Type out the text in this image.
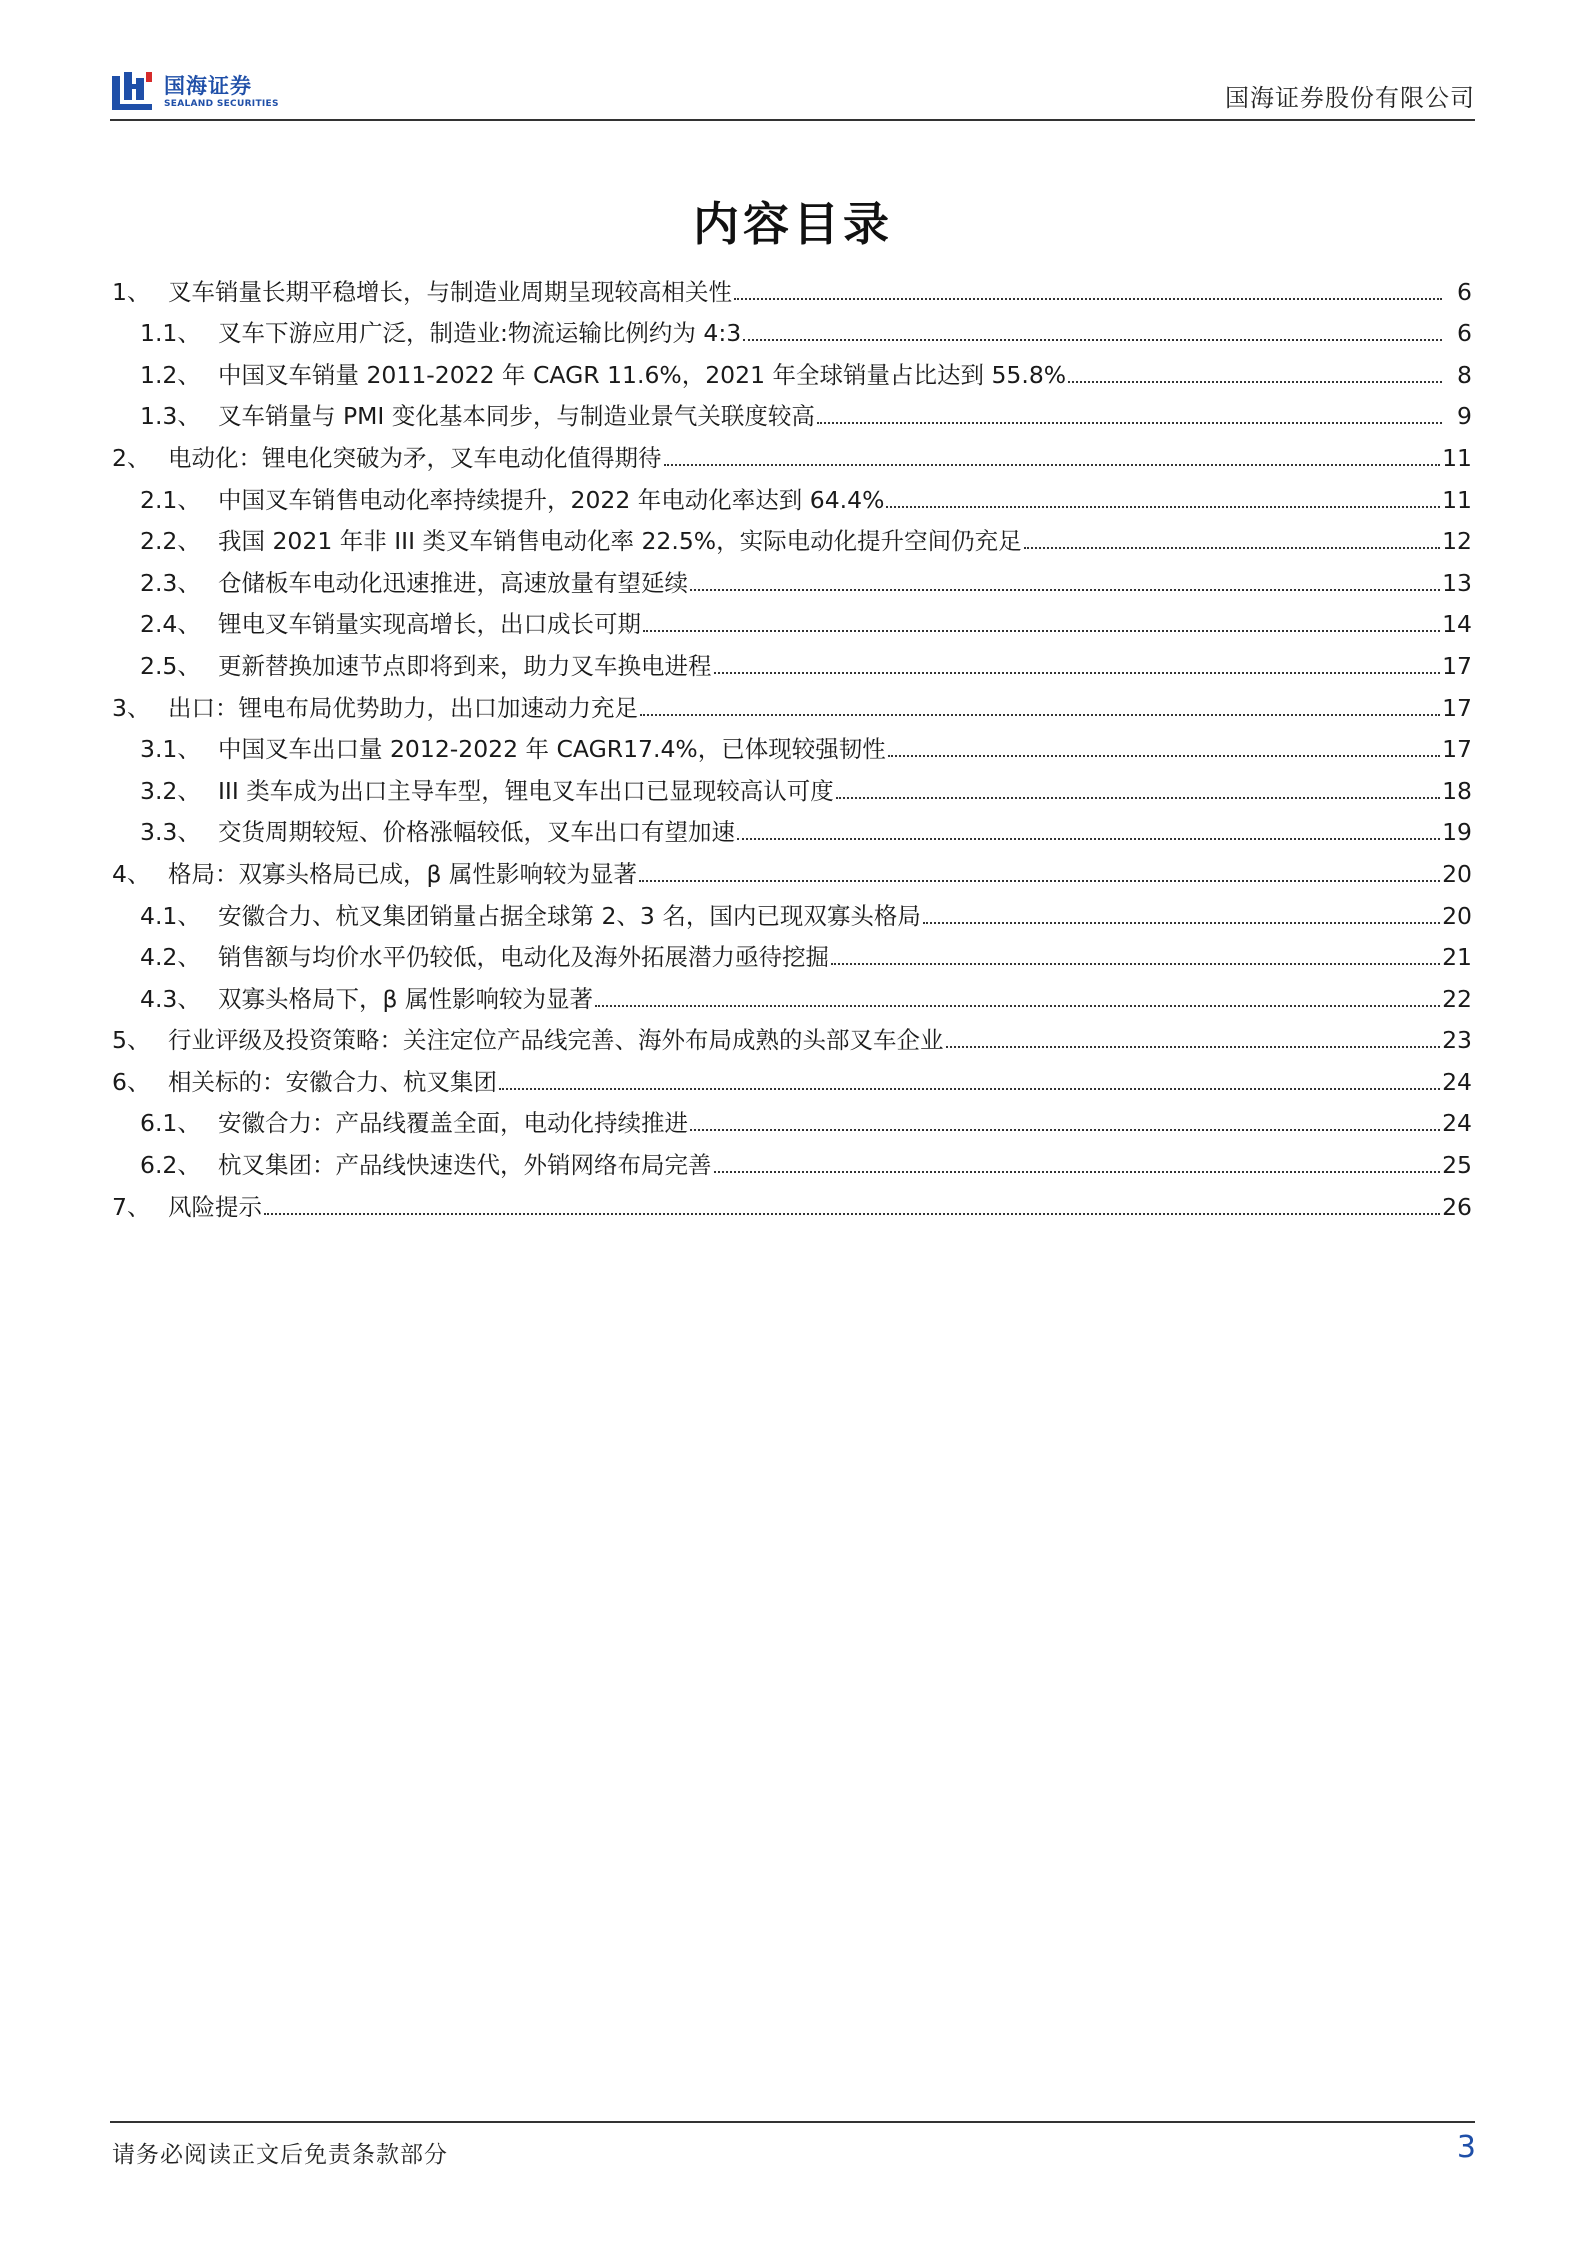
国海证券
SEALAND SECURITIES	国海证券股份有限公司
内容目录
1、 叉车销量长期平稳增长，与制造业周期呈现较高相关性	6
1.1、 叉车下游应用广泛，制造业:物流运输比例约为 4:3	6
1.2、 中国叉车销量 2011-2022 年 CAGR 11.6%，2021 年全球销量占比达到 55.8%	8
1.3、 叉车销量与 PMI 变化基本同步，与制造业景气关联度较高	9
2、 电动化：锂电化突破为矛，叉车电动化值得期待	11
2.1、 中国叉车销售电动化率持续提升，2022 年电动化率达到 64.4%	11
2.2、 我国 2021 年非 III 类叉车销售电动化率 22.5%，实际电动化提升空间仍充足	12
2.3、 仓储板车电动化迅速推进，高速放量有望延续	13
2.4、 锂电叉车销量实现高增长，出口成长可期	14
2.5、 更新替换加速节点即将到来，助力叉车换电进程	17
3、 出口：锂电布局优势助力，出口加速动力充足	17
3.1、 中国叉车出口量 2012-2022 年 CAGR17.4%，已体现较强韧性	17
3.2、 III 类车成为出口主导车型，锂电叉车出口已显现较高认可度	18
3.3、 交货周期较短、价格涨幅较低，叉车出口有望加速	19
4、 格局：双寡头格局已成，β 属性影响较为显著	20
4.1、 安徽合力、杭叉集团销量占据全球第 2、3 名，国内已现双寡头格局	20
4.2、 销售额与均价水平仍较低，电动化及海外拓展潜力亟待挖掘	21
4.3、 双寡头格局下，β 属性影响较为显著	22
5、 行业评级及投资策略：关注定位产品线完善、海外布局成熟的头部叉车企业	23
6、 相关标的：安徽合力、杭叉集团	24
6.1、 安徽合力：产品线覆盖全面，电动化持续推进	24
6.2、 杭叉集团：产品线快速迭代，外销网络布局完善	25
7、 风险提示	26
请务必阅读正文后免责条款部分	3
